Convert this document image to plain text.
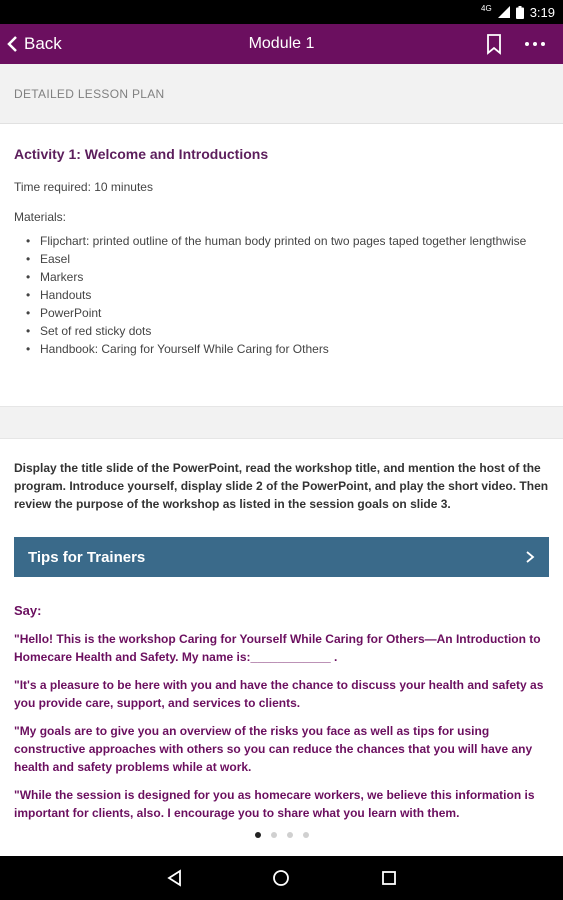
4G	3:19
Back	Module 1
DETAILED LESSON PLAN
Activity 1: Welcome and Introductions
Time required: 10 minutes
Materials:
• Flipchart: printed outline of the human body printed on two pages taped together lengthwise
• Easel
• Markers
• Handouts
• PowerPoint
• Set of red sticky dots
• Handbook: Caring for Yourself While Caring for Others
Display the title slide of the PowerPoint, read the workshop title, and mention the host of the program. Introduce yourself, display slide 2 of the PowerPoint, and play the short video. Then review the purpose of the workshop as listed in the session goals on slide 3.
Tips for Trainers
Say:
"Hello! This is the workshop Caring for Yourself While Caring for Others—An Introduction to Homecare Health and Safety. My name is:____________ .
"It's a pleasure to be here with you and have the chance to discuss your health and safety as you provide care, support, and services to clients.
"My goals are to give you an overview of the risks you face as well as tips for using constructive approaches with others so you can reduce the chances that you will have any health and safety problems while at work.
"While the session is designed for you as homecare workers, we believe this information is important for clients, also. I encourage you to share what you learn with them.
